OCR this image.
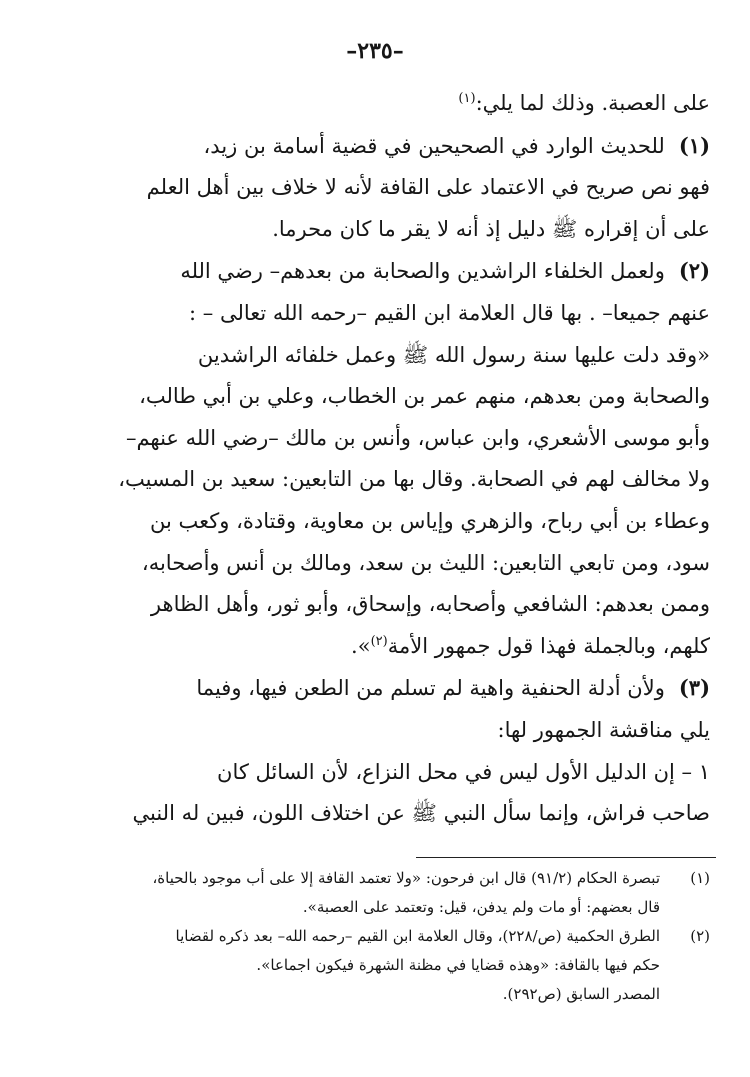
–٢٣٥–

على العصبة. وذلك لما يلي:$^{(١)}$

(١)للحديث الوارد في الصحيحين في قضية أسامة بن زيد،

فهو نص صريح في الاعتماد على القافة لأنه لا خلاف بين أهل العلم

على أن إقراره ﷺ دليل إذ أنه لا يقر ما كان محرما.

(٢)ولعمل الخلفاء الراشدين والصحابة من بعدهم– رضي الله

عنهم جميعا– . بها قال العلامة ابن القيم –رحمه الله تعالى – :

«وقد دلت عليها سنة رسول الله ﷺ وعمل خلفائه الراشدين

والصحابة ومن بعدهم، منهم عمر بن الخطاب، وعلي بن أبي طالب،

وأبو موسى الأشعري، وابن عباس، وأنس بن مالك –رضي الله عنهم–

ولا مخالف لهم في الصحابة. وقال بها من التابعين: سعيد بن المسيب،

وعطاء بن أبي رباح، والزهري وإياس بن معاوية، وقتادة، وكعب بن

سود، ومن تابعي التابعين: الليث بن سعد، ومالك بن أنس وأصحابه،

وممن بعدهم: الشافعي وأصحابه، وإسحاق، وأبو ثور، وأهل الظاهر

كلهم، وبالجملة فهذا قول جمهور الأمة$^{(٢)}$».

(٣)ولأن أدلة الحنفية واهية لم تسلم من الطعن فيها، وفيما

يلي مناقشة الجمهور لها:

١ – إن الدليل الأول ليس في محل النزاع، لأن السائل كان

صاحب فراش، وإنما سأل النبي ﷺ عن اختلاف اللون، فبين له النبي

(١)
تبصرة الحكام (٩١/٢) قال ابن فرحون: «ولا تعتمد القافة إلا على أب موجود بالحياة،
قال بعضهم: أو مات ولم يدفن، قيل: وتعتمد على العصبة».
(٢)
الطرق الحكمية (ص/٢٢٨)، وقال العلامة ابن القيم –رحمه الله– بعد ذكره لقضايا
حكم فيها بالقافة: «وهذه قضايا في مظنة الشهرة فيكون اجماعا».
المصدر السابق (ص٢٩٢).
